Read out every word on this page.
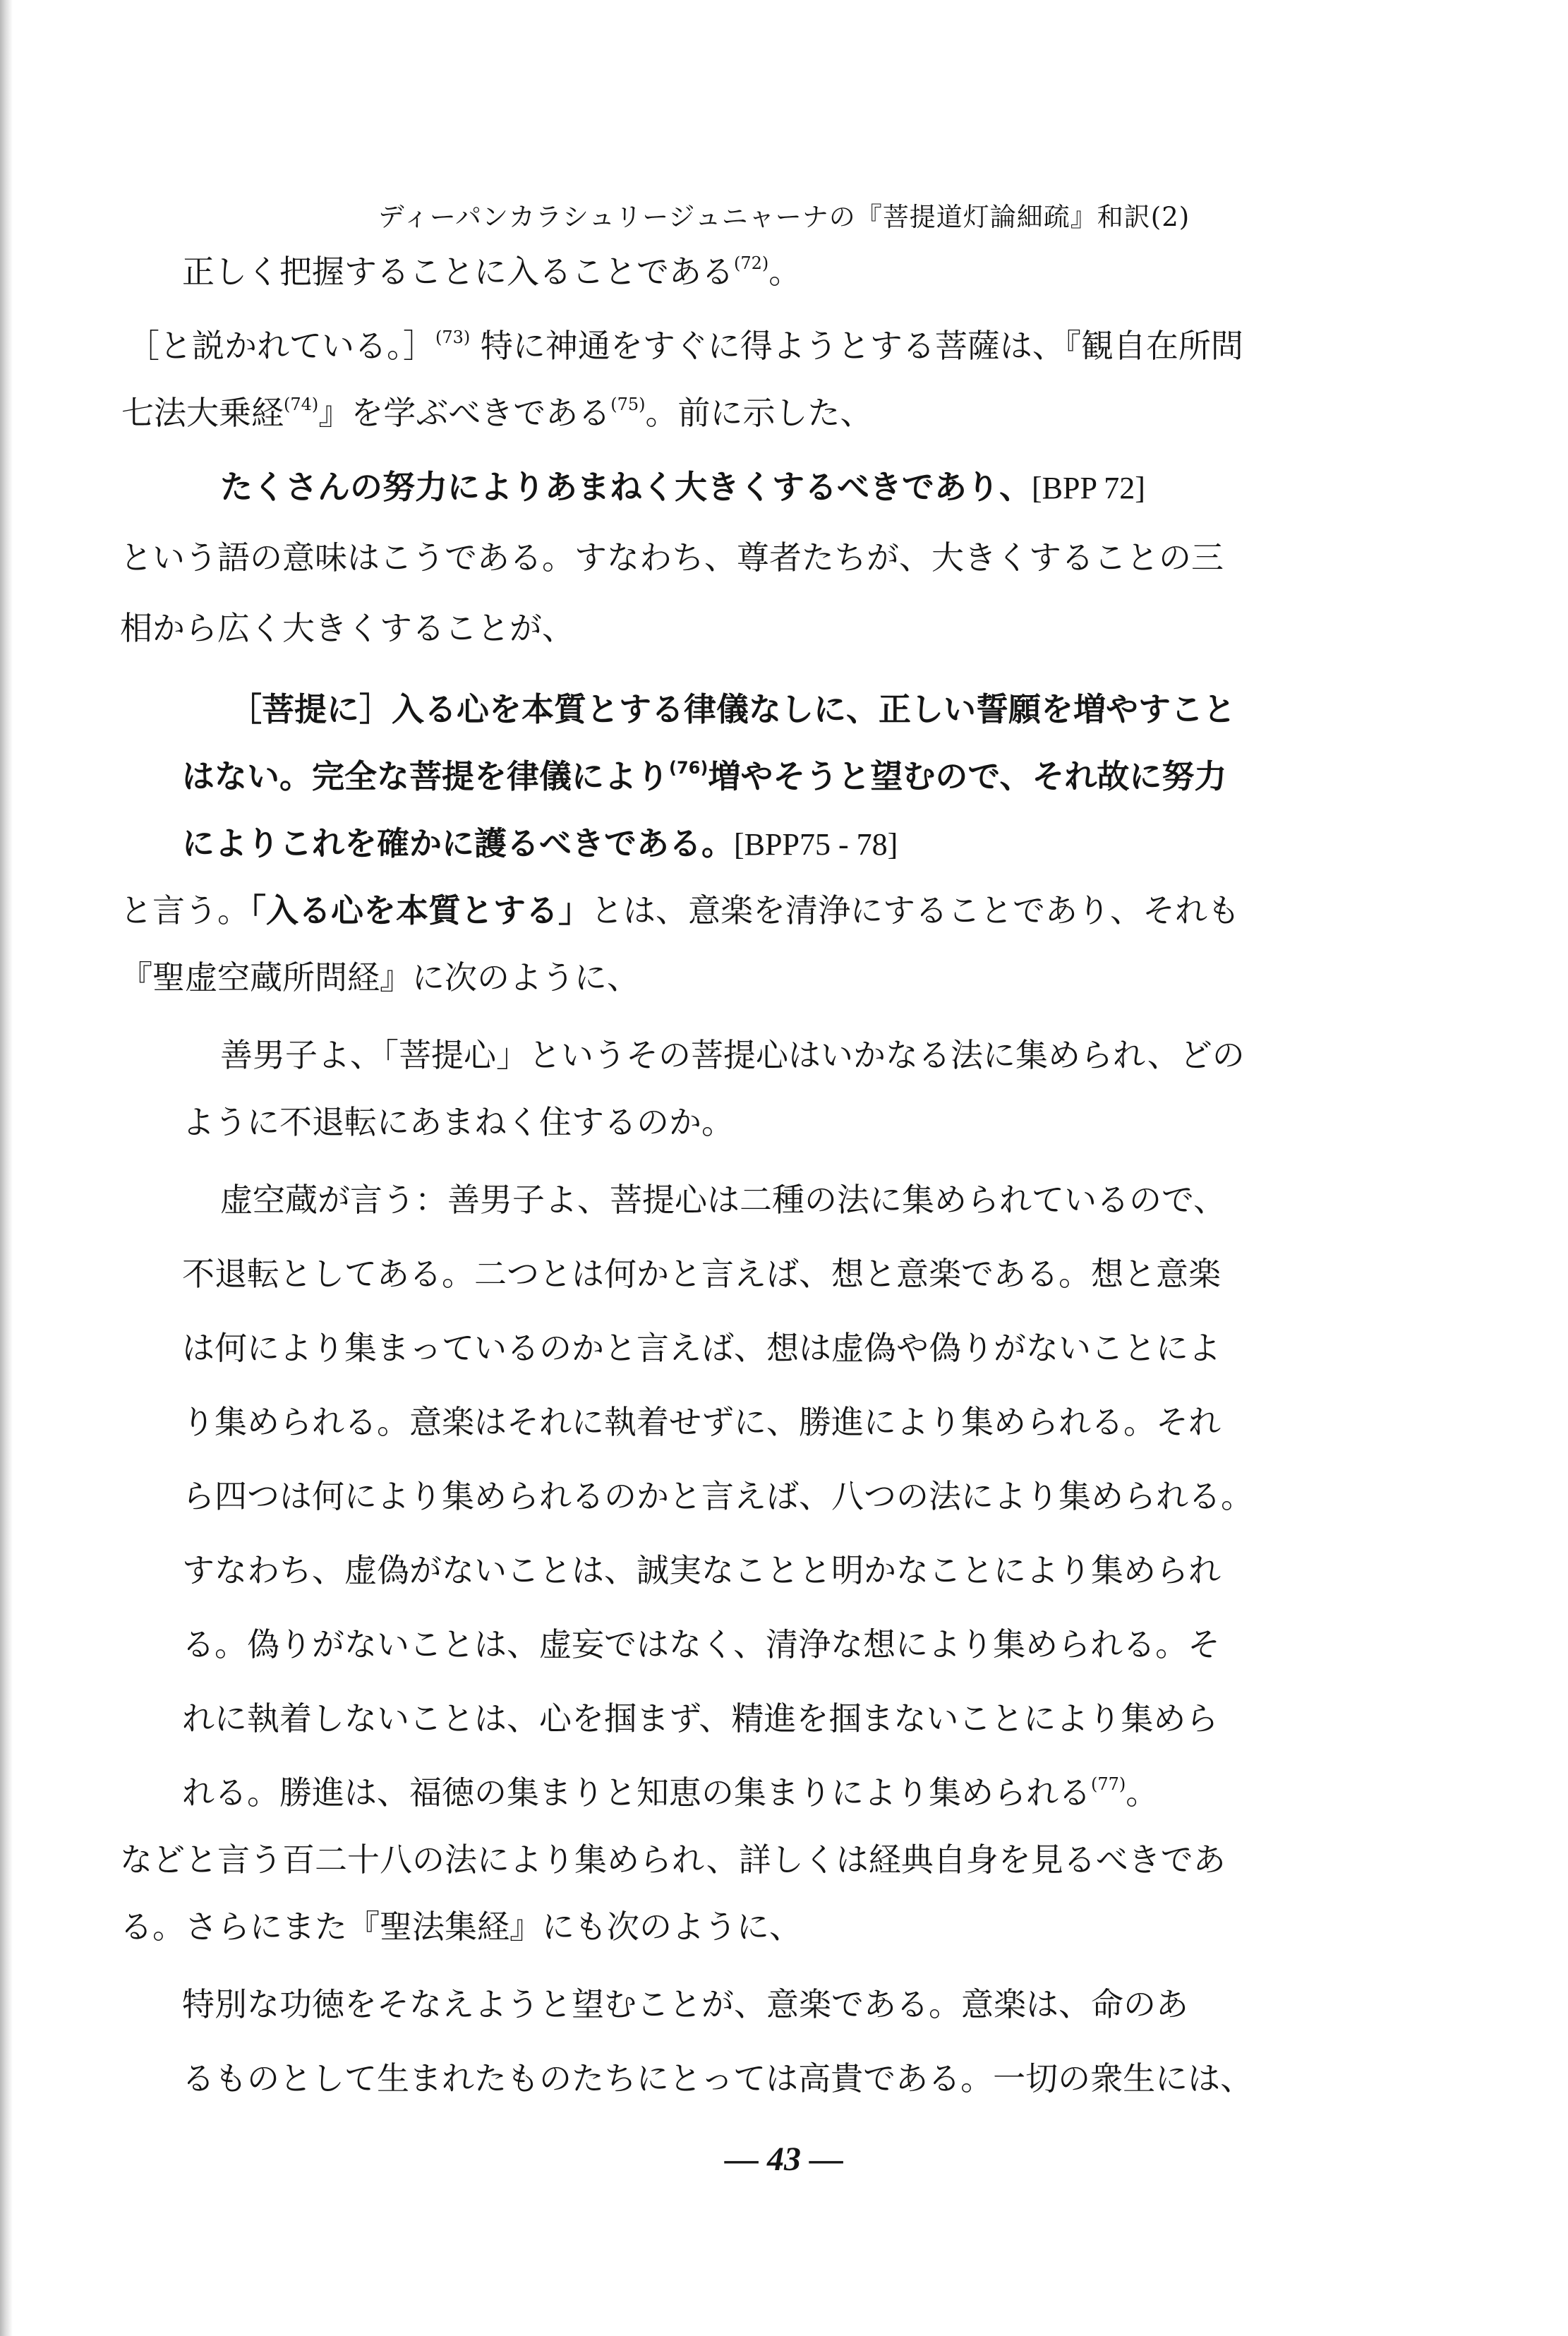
ディーパンカラシュリージュニャーナの『菩提道灯論細疏』和訳(2)
正しく把握することに入ることである$^{(72)}$。
［と説かれている。］$^{(73)}$ 特に神通をすぐに得ようとする菩薩は、『観自在所問
七法大乗経$^{(74)}$』を学ぶべきである$^{(75)}$。前に示した、
たくさんの努力によりあまねく大きくするべきであり、[BPP 72]
という語の意味はこうである。すなわち、尊者たちが、大きくすることの三
相から広く大きくすることが、
［菩提に］入る心を本質とする律儀なしに、正しい誓願を増やすこと
はない。完全な菩提を律儀により$^{(76)}$増やそうと望むので、それ故に努力
によりこれを確かに護るべきである。[BPP75 - 78]
と言う。「入る心を本質とする」とは、意楽を清浄にすることであり、それも
『聖虚空蔵所問経』に次のように、
善男子よ、「菩提心」というその菩提心はいかなる法に集められ、どの
ように不退転にあまねく住するのか。
虚空蔵が言う：善男子よ、菩提心は二種の法に集められているので、
不退転としてある。二つとは何かと言えば、想と意楽である。想と意楽
は何により集まっているのかと言えば、想は虚偽や偽りがないことによ
り集められる。意楽はそれに執着せずに、勝進により集められる。それ
ら四つは何により集められるのかと言えば、八つの法により集められる。
すなわち、虚偽がないことは、誠実なことと明かなことにより集められ
る。偽りがないことは、虚妄ではなく、清浄な想により集められる。そ
れに執着しないことは、心を掴まず、精進を掴まないことにより集めら
れる。勝進は、福徳の集まりと知恵の集まりにより集められる$^{(77)}$。
などと言う百二十八の法により集められ、詳しくは経典自身を見るべきであ
る。さらにまた『聖法集経』にも次のように、
特別な功徳をそなえようと望むことが、意楽である。意楽は、命のあ
るものとして生まれたものたちにとっては高貴である。一切の衆生には、
— 43 —
